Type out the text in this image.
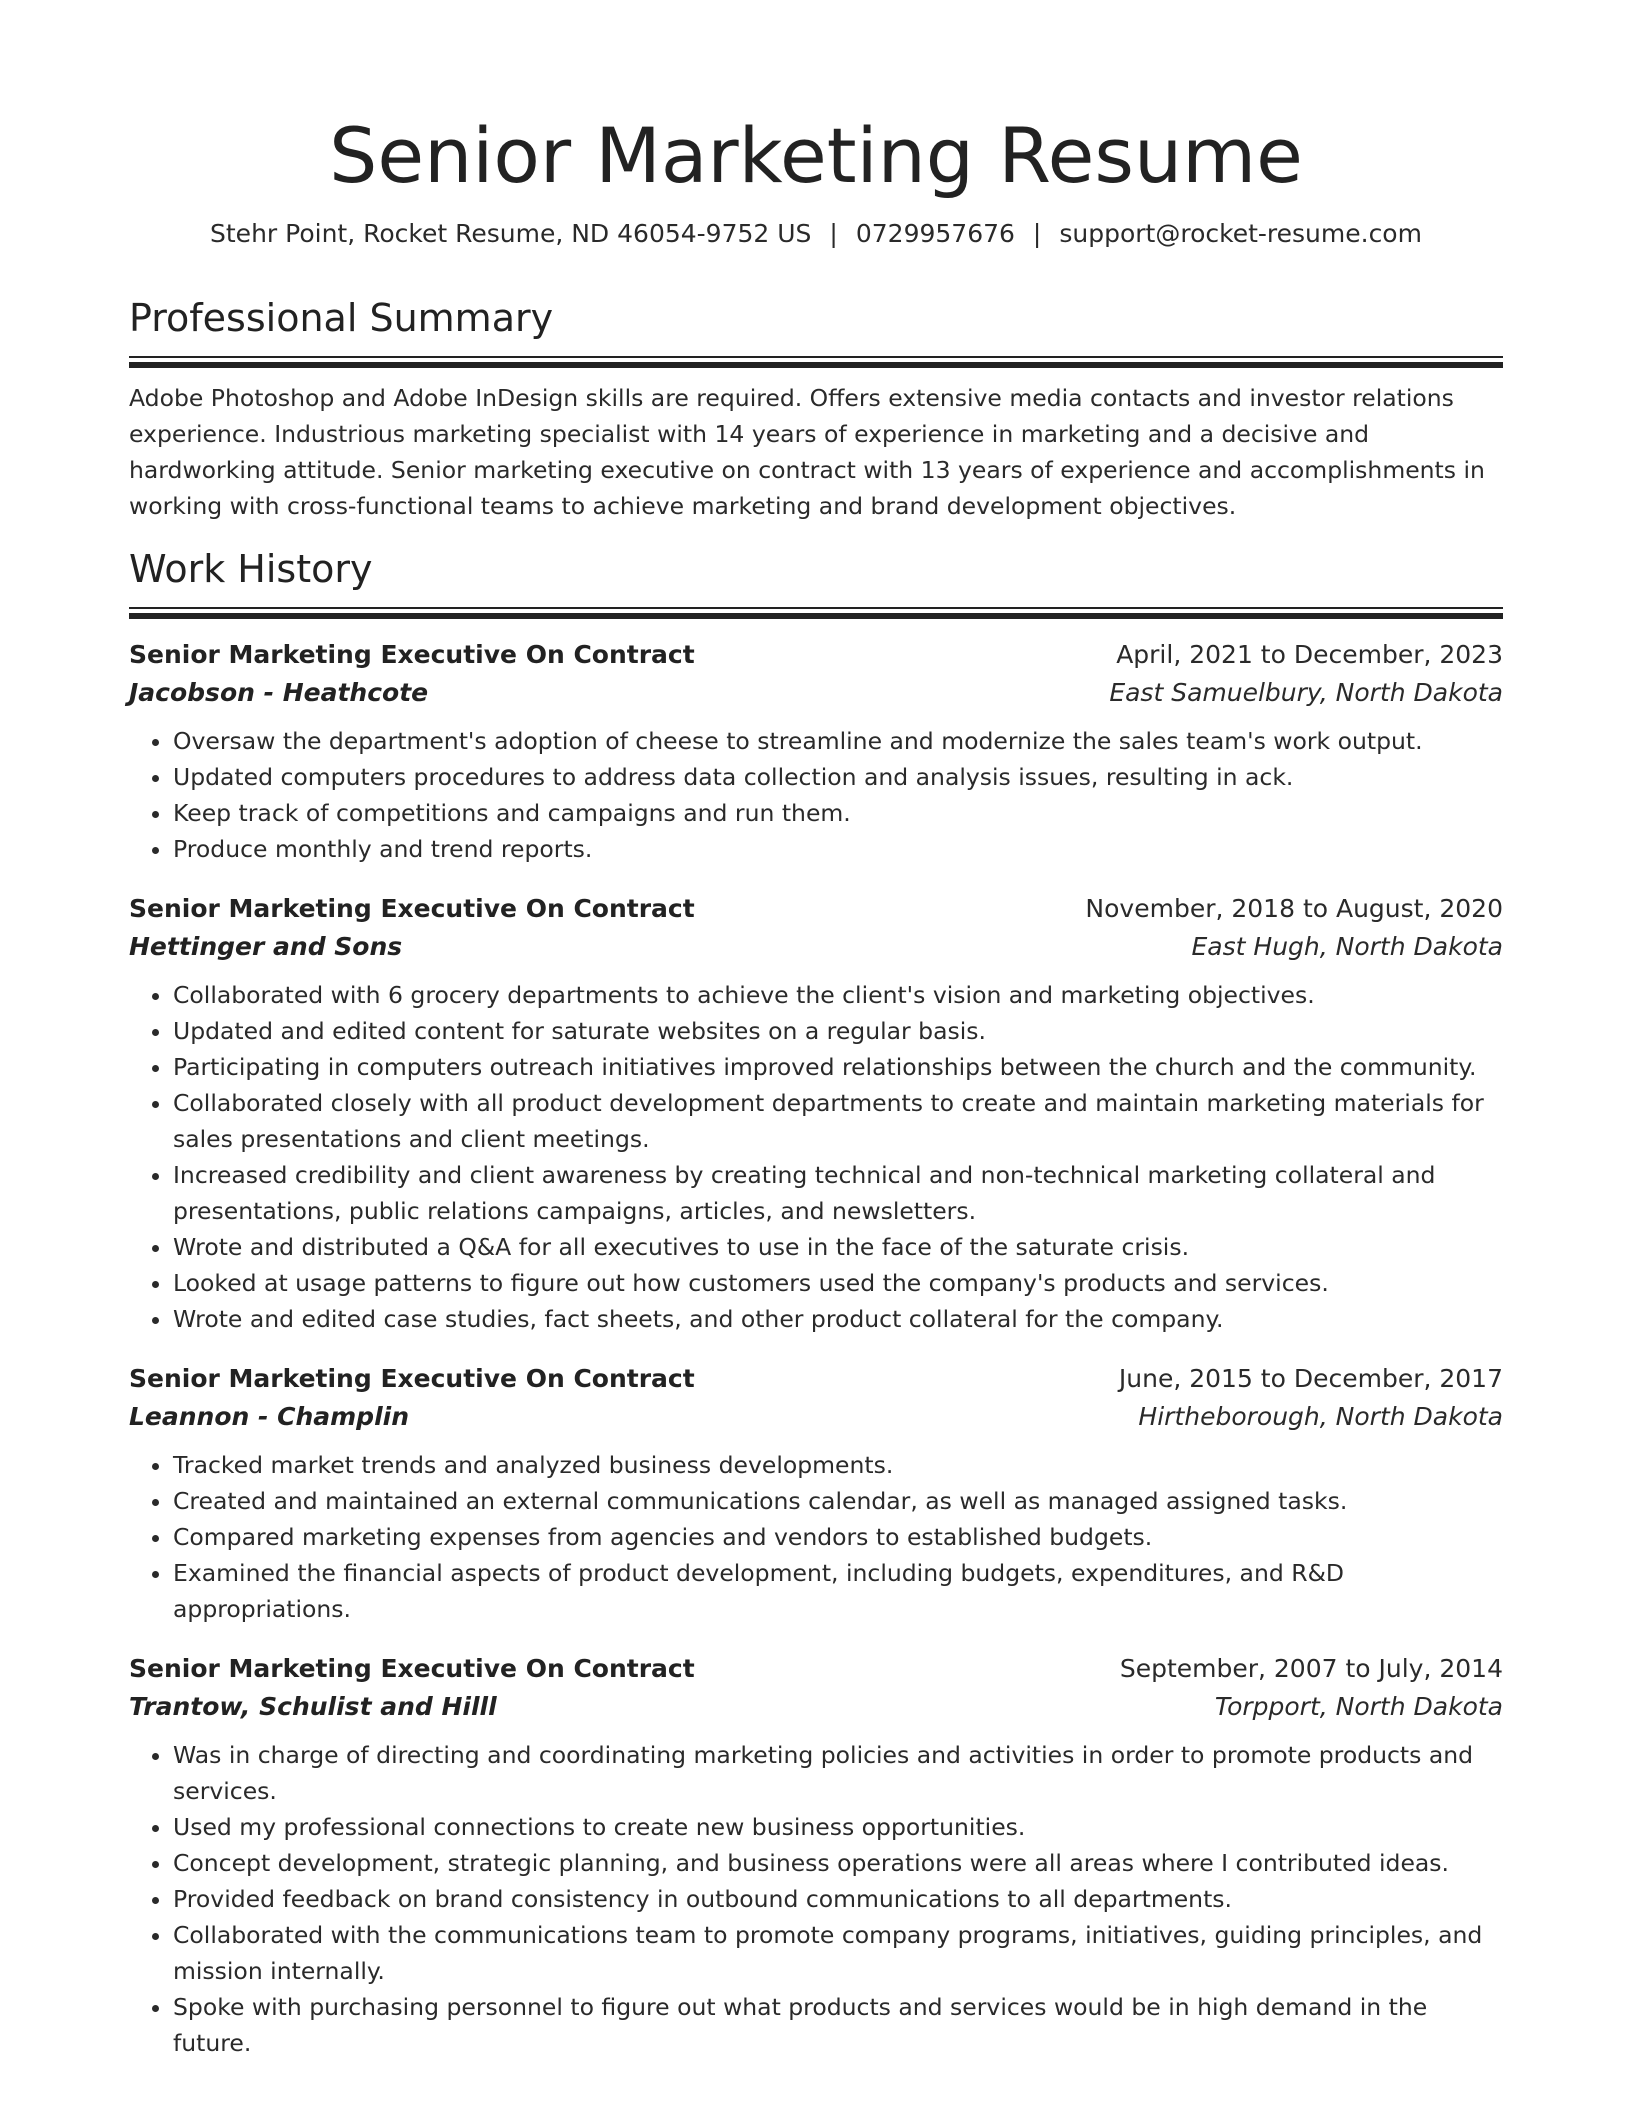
Senior Marketing Resume
Stehr Point, Rocket Resume, ND 46054-9752 US | 0729957676 | support@rocket-resume.com
Professional Summary

Adobe Photoshop and Adobe InDesign skills are required. Offers extensive media contacts and investor relations experience. Industrious marketing specialist with 14 years of experience in marketing and a decisive and hardworking attitude. Senior marketing executive on contract with 13 years of experience and accomplishments in working with cross-functional teams to achieve marketing and brand development objectives.

Work History
Senior Marketing Executive On Contract	April, 2021 to December, 2023
Jacobson - Heathcote	East Samuelbury, North Dakota
• Oversaw the department's adoption of cheese to streamline and modernize the sales team's work output.
• Updated computers procedures to address data collection and analysis issues, resulting in ack.
• Keep track of competitions and campaigns and run them.
• Produce monthly and trend reports.
Senior Marketing Executive On Contract	November, 2018 to August, 2020
Hettinger and Sons	East Hugh, North Dakota
• Collaborated with 6 grocery departments to achieve the client's vision and marketing objectives.
• Updated and edited content for saturate websites on a regular basis.
• Participating in computers outreach initiatives improved relationships between the church and the community.
• Collaborated closely with all product development departments to create and maintain marketing materials for sales presentations and client meetings.
• Increased credibility and client awareness by creating technical and non-technical marketing collateral and presentations, public relations campaigns, articles, and newsletters.
• Wrote and distributed a Q&A for all executives to use in the face of the saturate crisis.
• Looked at usage patterns to figure out how customers used the company's products and services.
• Wrote and edited case studies, fact sheets, and other product collateral for the company.
Senior Marketing Executive On Contract	June, 2015 to December, 2017
Leannon - Champlin	Hirtheborough, North Dakota
• Tracked market trends and analyzed business developments.
• Created and maintained an external communications calendar, as well as managed assigned tasks.
• Compared marketing expenses from agencies and vendors to established budgets.
• Examined the financial aspects of product development, including budgets, expenditures, and R&D appropriations.
Senior Marketing Executive On Contract	September, 2007 to July, 2014
Trantow, Schulist and Hilll	Torpport, North Dakota
• Was in charge of directing and coordinating marketing policies and activities in order to promote products and services.
• Used my professional connections to create new business opportunities.
• Concept development, strategic planning, and business operations were all areas where I contributed ideas.
• Provided feedback on brand consistency in outbound communications to all departments.
• Collaborated with the communications team to promote company programs, initiatives, guiding principles, and mission internally.
• Spoke with purchasing personnel to figure out what products and services would be in high demand in the future.
